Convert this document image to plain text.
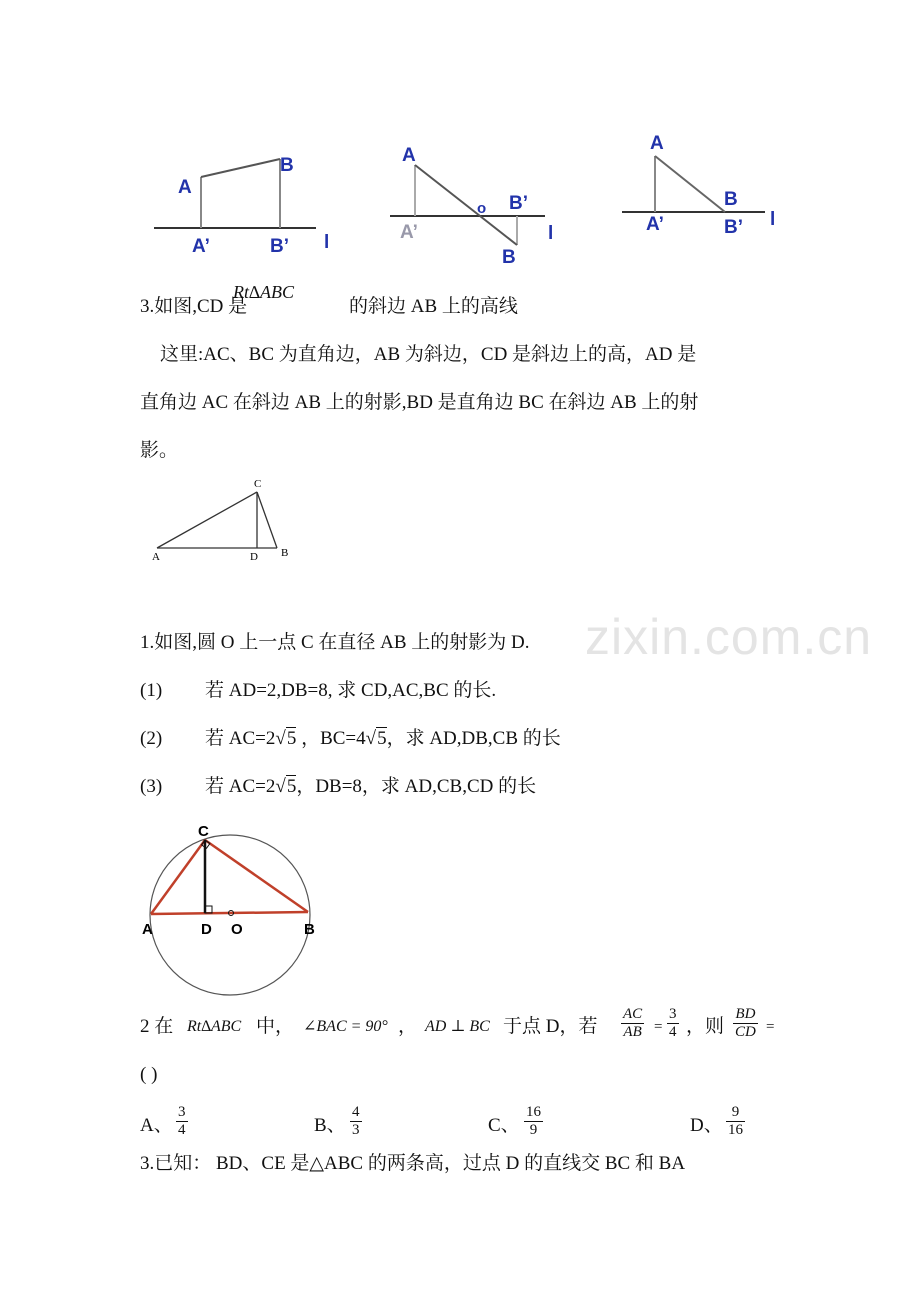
zixin.com.cn
A
B
A’	B’ l
A
o B’
A’
B
l
A
B
A’	B’ l
3.如图,CD 是
Rt∆ABC
的斜边 AB 上的高线
这里:AC、BC 为直角边，AB 为斜边，CD 是斜边上的高，AD 是
直角边 AC 在斜边 AB 上的射影,BD 是直角边 BC 在斜边 AB 上的射
影。
A
C
D B
1.如图,圆 O 上一点 C 在直径 AB 上的射影为 D.
(1) 若 AD=2,DB=8, 求 CD,AC,BC 的长.
(2) 若 AC=2√5 ，BC=4√5，求 AD,DB,CB 的长
(3) 若 AC=2√5，DB=8，求 AD,CB,CD 的长
C
A	D O	B
2 在 Rt∆ABC 中， ∠BAC = 90° ， AD ⊥ BC 于点 D，若 $\frac{AC}{AB} = \frac{3}{4}$ ，则 $\frac{BD}{CD}$ =
( )
A、 $\frac{3}{4}$	B、 $\frac{4}{3}$	C、 $\frac{16}{9}$	D、 $\frac{9}{16}$
3.已知： BD、CE 是△ABC 的两条高，过点 D 的直线交 BC 和 BA
